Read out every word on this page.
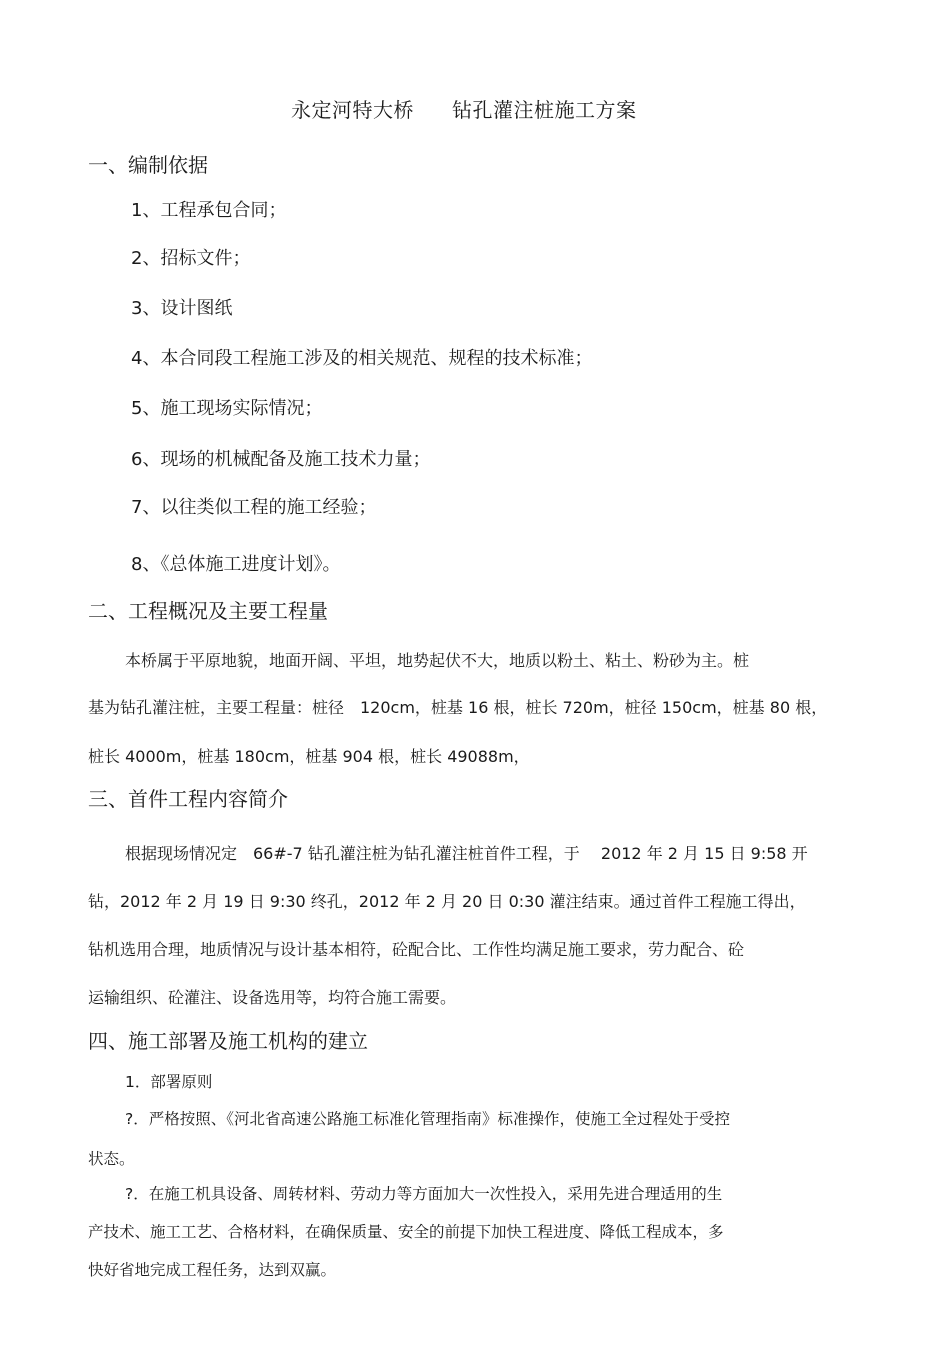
永定河特大桥 钻孔灌注桩施工方案
一、编制依据
1、工程承包合同；
2、招标文件；
3、设计图纸
4、本合同段工程施工涉及的相关规范、规程的技术标准；
5、施工现场实际情况；
6、现场的机械配备及施工技术力量；
7、以往类似工程的施工经验；
8、《总体施工进度计划》。
二、工程概况及主要工程量
本桥属于平原地貌，地面开阔、平坦，地势起伏不大，地质以粉土、粘土、粉砂为主。桩
基为钻孔灌注桩，主要工程量：桩径　120cm，桩基 16 根，桩长 720m，桩径 150cm，桩基 80 根，
桩长 4000m，桩基 180cm，桩基 904 根，桩长 49088m，
三、首件工程内容简介
根据现场情况定　66#-7 钻孔灌注桩为钻孔灌注桩首件工程，于　 2012 年 2 月 15 日 9:58 开
钻，2012 年 2 月 19 日 9:30 终孔，2012 年 2 月 20 日 0:30 灌注结束。通过首件工程施工得出，
钻机选用合理，地质情况与设计基本相符，砼配合比、工作性均满足施工要求，劳力配合、砼
运输组织、砼灌注、设备选用等，均符合施工需要。
四、施工部署及施工机构的建立
1．部署原则
?．严格按照、《河北省高速公路施工标准化管理指南》标准操作，使施工全过程处于受控
状态。
?．在施工机具设备、周转材料、劳动力等方面加大一次性投入，采用先进合理适用的生
产技术、施工工艺、合格材料，在确保质量、安全的前提下加快工程进度、降低工程成本，多
快好省地完成工程任务，达到双赢。
